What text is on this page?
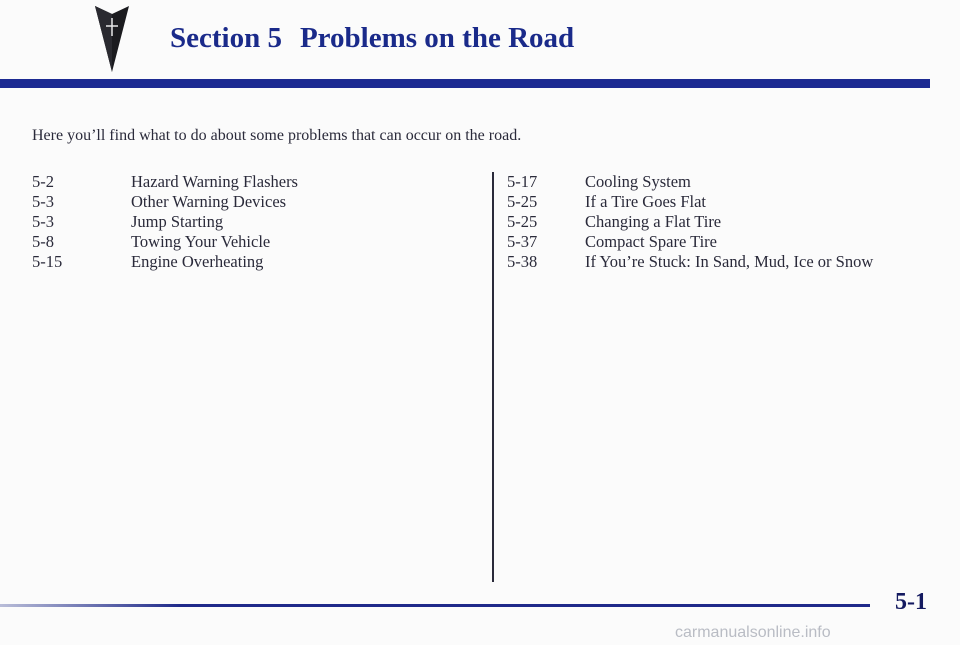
Section 5 Problems on the Road
Here you’ll find what to do about some problems that can occur on the road.
5-2	Hazard Warning Flashers
5-3	Other Warning Devices
5-3	Jump Starting
5-8	Towing Your Vehicle
5-15	Engine Overheating
5-17	Cooling System
5-25	If a Tire Goes Flat
5-25	Changing a Flat Tire
5-37	Compact Spare Tire
5-38	If You’re Stuck: In Sand, Mud, Ice or Snow
5-1
carmanualsonline.info
